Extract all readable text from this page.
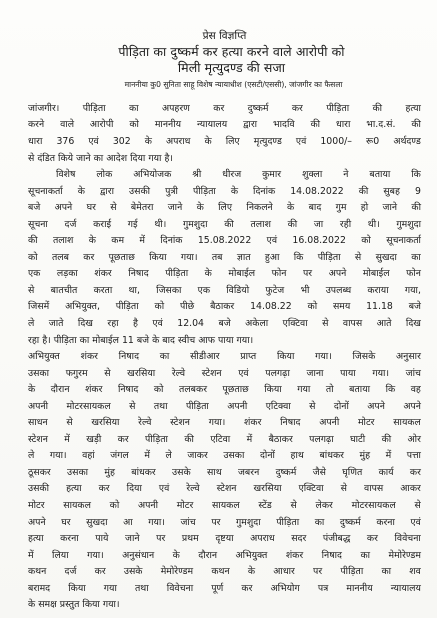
प्रेस विज्ञप्ति
पीड़िता का दुष्कर्म कर हत्या करने वाले आरोपी को
मिली मृत्युदण्ड की सजा
माननीया कु0 सुनिता साहू विशेष न्यायाधीश (एसटी/एससी), जांजगीर का फैसला
जांजगीर। पीड़िता का अपहरण कर दुष्कर्म कर पीड़िता की हत्या
करने वाले आरोपी को माननीय न्यायालय द्वारा भादवि की धारा भा.द.सं. की
धारा 376 एवं 302 के अपराध के लिए मृत्युदण्ड एवं 1000/– रू0 अर्थदण्ड
से दंडित किये जाने का आदेश दिया गया है।
विशेष लोक अभियोजक श्री धीरज कुमार शुक्ला ने बताया कि
सूचनाकर्ता के द्वारा उसकी पुत्री पीड़िता के दिनांक 14.08.2022 की सुबह 9
बजे अपने घर से बेमेतरा जाने के लिए निकलने के बाद गुम हो जाने की
सूचना दर्ज कराई गई थी। गुमशुदा की तलाश की जा रही थी। गुमशुदा
की तलाश के कम में दिनांक 15.08.2022 एवं 16.08.2022 को सूचनाकर्ता
को तलब कर पूछताछ किया गया। तब ज्ञात हुआ कि पीड़िता से सुखदा का
एक लड़का शंकर निषाद पीड़िता के मोबाईल फोन पर अपने मोबाईल फोन
से बातचीत करता था, जिसका एक विडियो फुटेज भी उपलब्ध कराया गया,
जिसमें अभियुक्त, पीड़िता को पीछे बैठाकर 14.08.22 को समय 11.18 बजे
ले जाते दिख रहा है एवं 12.04 बजे अकेला एक्टिवा से वापस आते दिख
रहा है। पीड़िता का मोबाईल 11 बजे के बाद स्वीच आफ पाया गया।
अभियुक्त शंकर निषाद का सीडीआर प्राप्त किया गया। जिसके अनुसार
उसका फगुरम से खरसिया रेल्वे स्टेशन एवं पलगढ़ा जाना पाया गया। जांच
के दौरान शंकर निषाद को तलबकर पूछताछ किया गया तो बताया कि वह
अपनी मोटरसायकल से तथा पीड़िता अपनी एटिक्वा से दोनों अपने अपने
साधन से खरसिया रेल्वे स्टेशन गया। शंकर निषाद अपनी मोटर सायकल
स्टेशन में खड़ी कर पीड़िता की एटिवा में बैठाकर पलगढ़ा घाटी की ओर
ले गया। वहां जंगल में ले जाकर उसका दोनों हाथ बांधकर मुंह में पत्ता
ठूसकर उसका मुंह बांधकर उसके साथ जबरन दुष्कर्म जैसे घृणित कार्य कर
उसकी हत्या कर दिया एवं रेल्वे स्टेशन खरसिया एक्टिवा से वापस आकर
मोटर सायकल को अपनी मोटर सायकल स्टेंड से लेकर मोटरसायकल से
अपने घर सुखदा आ गया। जांच पर गुमशुदा पीड़िता का दुष्कर्म करना एवं
हत्या करना पाये जाने पर प्रथम दृष्टया अपराध सदर पंजीबद्ध कर विवेचना
में लिया गया। अनुसंधान के दौरान अभियुक्त शंकर निषाद का मेमोरेण्डम
कथन दर्ज कर उसके मेमोरेण्डम कथन के आधार पर पीड़िता का शव
बरामद किया गया तथा विवेचना पूर्ण कर अभियोग पत्र माननीय न्यायालय
के समक्ष प्रस्तुत किया गया।
